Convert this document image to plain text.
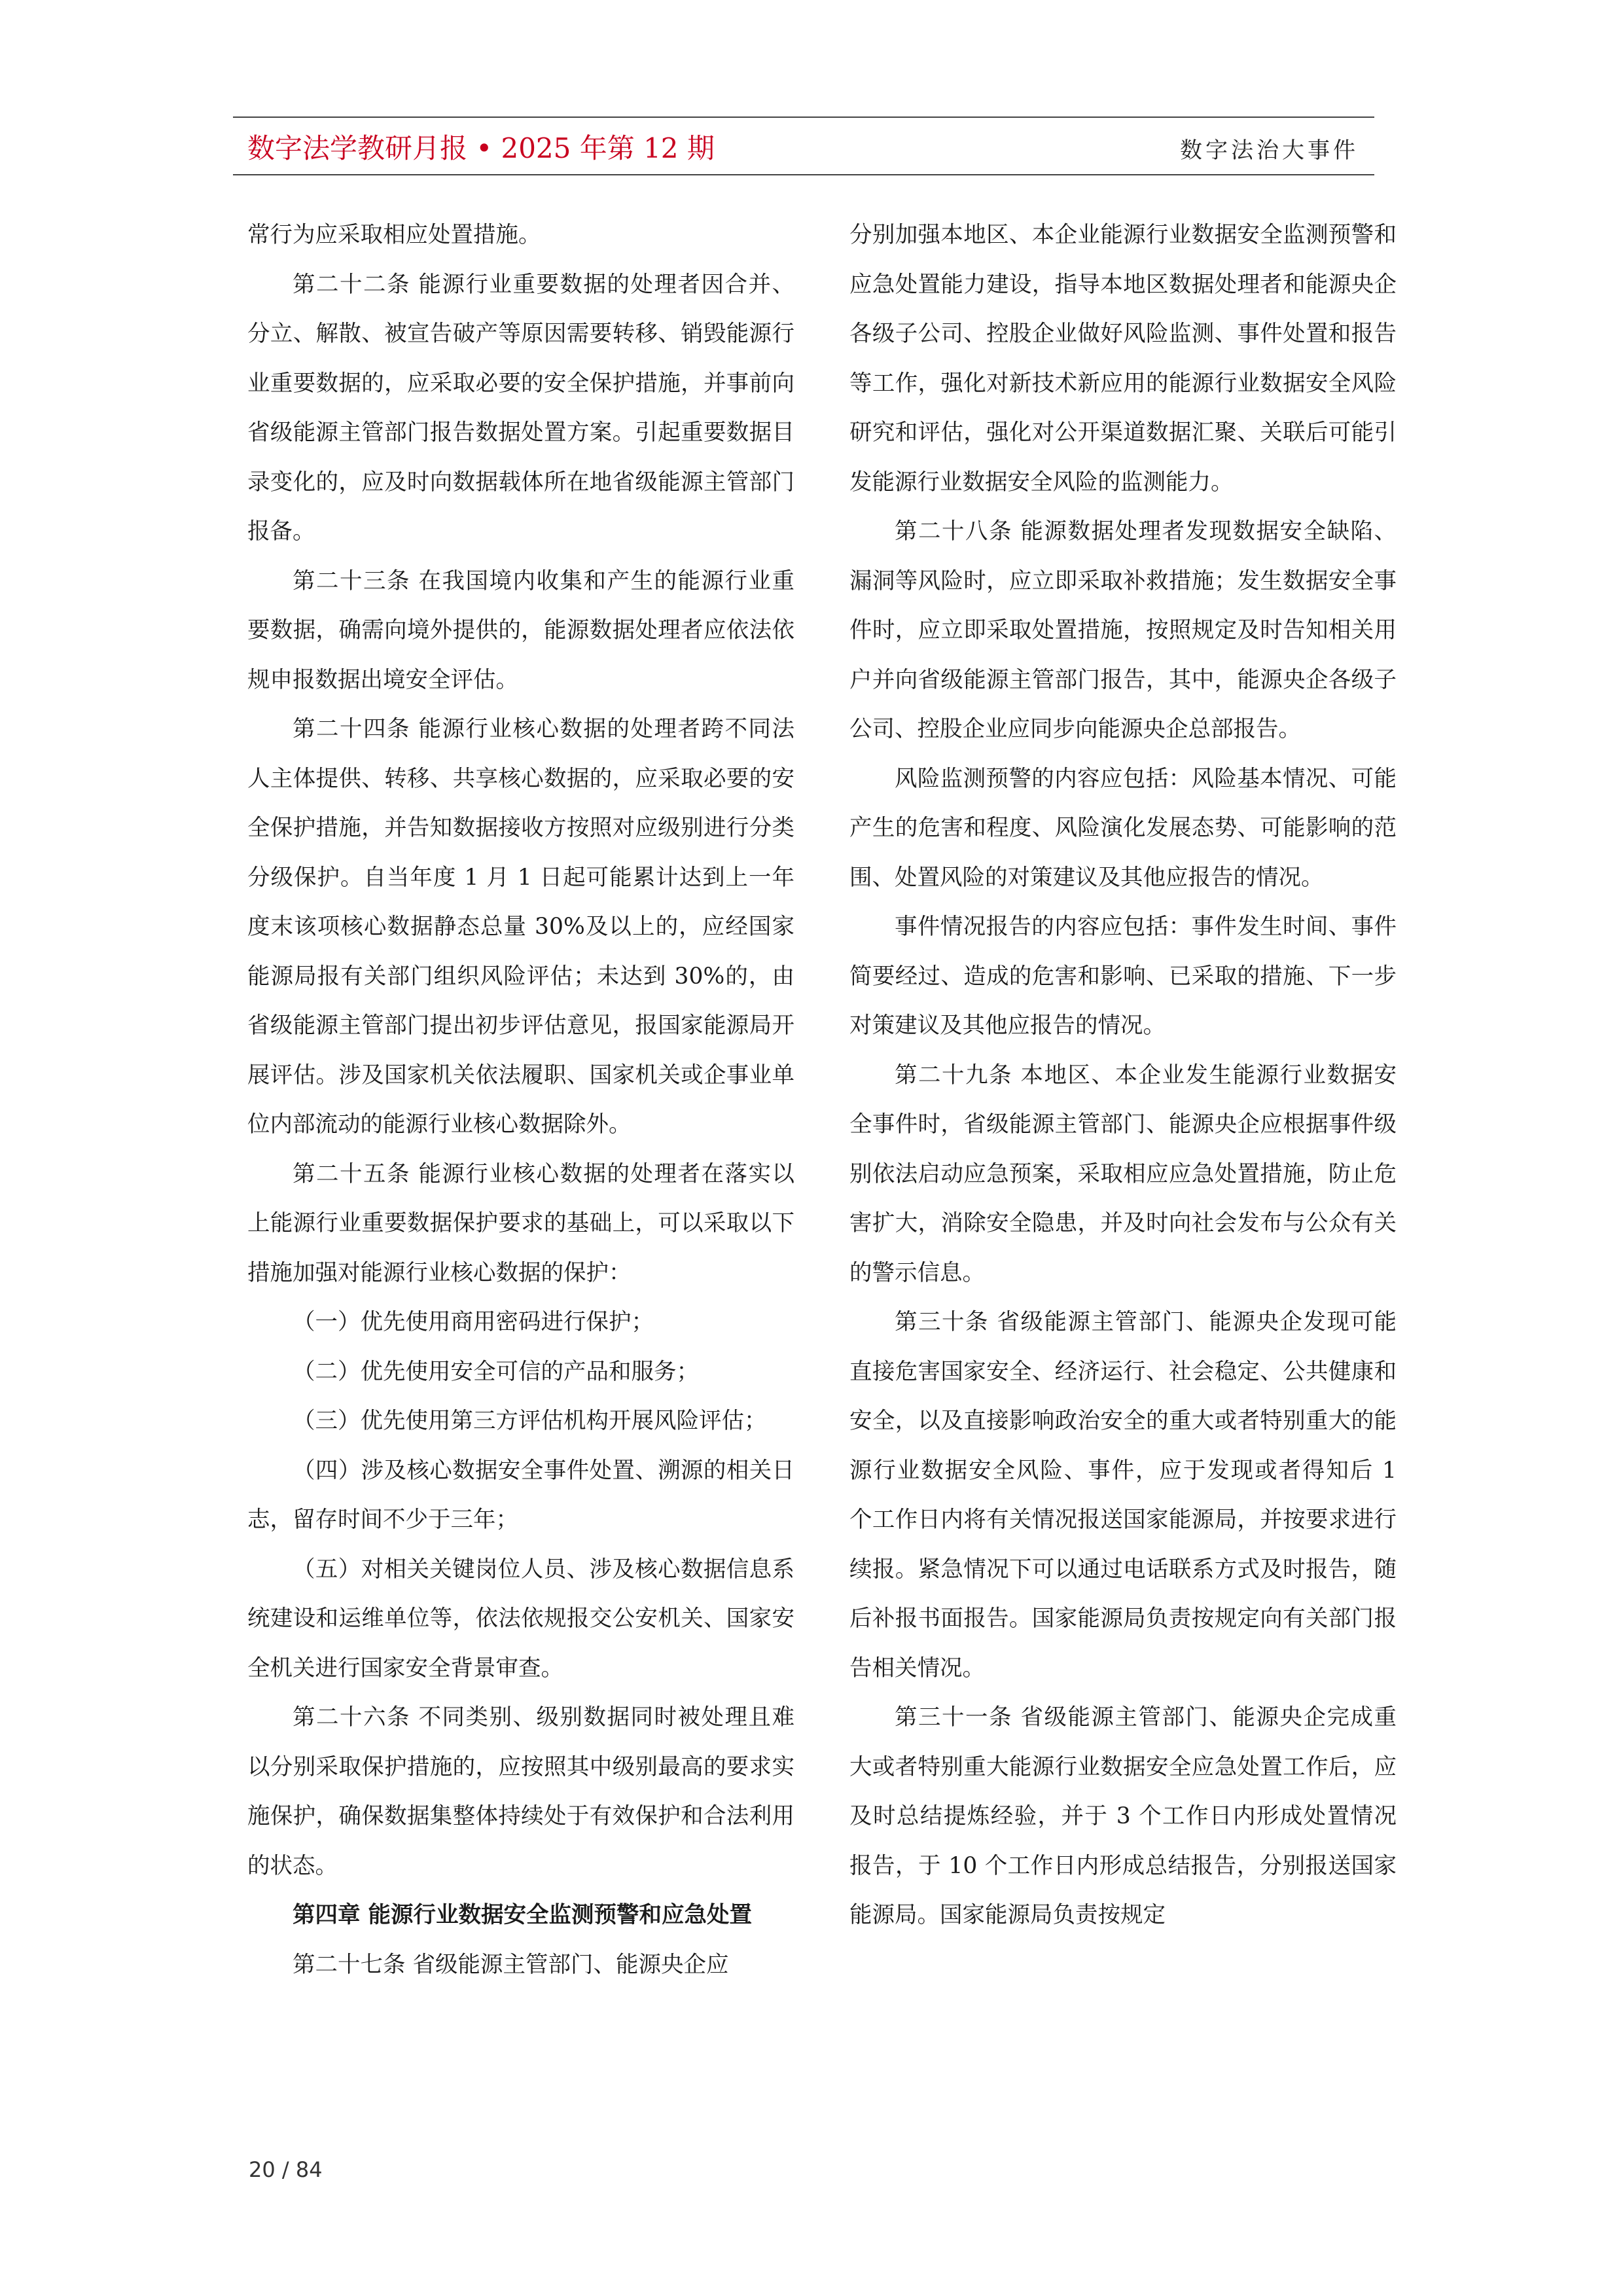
数字法学教研月报 • 2025 年第 12 期	数字法治大事件

常行为应采取相应处置措施。

第二十二条 能源行业重要数据的处理者因合并、分立、解散、被宣告破产等原因需要转移、销毁能源行业重要数据的，应采取必要的安全保护措施，并事前向省级能源主管部门报告数据处置方案。引起重要数据目录变化的，应及时向数据载体所在地省级能源主管部门报备。

第二十三条 在我国境内收集和产生的能源行业重要数据，确需向境外提供的，能源数据处理者应依法依规申报数据出境安全评估。

第二十四条 能源行业核心数据的处理者跨不同法人主体提供、转移、共享核心数据的，应采取必要的安全保护措施，并告知数据接收方按照对应级别进行分类分级保护。自当年度 1 月 1 日起可能累计达到上一年度末该项核心数据静态总量 30%及以上的，应经国家能源局报有关部门组织风险评估；未达到 30%的，由省级能源主管部门提出初步评估意见，报国家能源局开展评估。涉及国家机关依法履职、国家机关或企事业单位内部流动的能源行业核心数据除外。

第二十五条 能源行业核心数据的处理者在落实以上能源行业重要数据保护要求的基础上，可以采取以下措施加强对能源行业核心数据的保护：

（一）优先使用商用密码进行保护；

（二）优先使用安全可信的产品和服务；

（三）优先使用第三方评估机构开展风险评估；

（四）涉及核心数据安全事件处置、溯源的相关日志，留存时间不少于三年；

（五）对相关关键岗位人员、涉及核心数据信息系统建设和运维单位等，依法依规报交公安机关、国家安全机关进行国家安全背景审查。

第二十六条 不同类别、级别数据同时被处理且难以分别采取保护措施的，应按照其中级别最高的要求实施保护，确保数据集整体持续处于有效保护和合法利用的状态。

第四章 能源行业数据安全监测预警和应急处置

第二十七条 省级能源主管部门、能源央企应

分别加强本地区、本企业能源行业数据安全监测预警和应急处置能力建设，指导本地区数据处理者和能源央企各级子公司、控股企业做好风险监测、事件处置和报告等工作，强化对新技术新应用的能源行业数据安全风险研究和评估，强化对公开渠道数据汇聚、关联后可能引发能源行业数据安全风险的监测能力。

第二十八条 能源数据处理者发现数据安全缺陷、漏洞等风险时，应立即采取补救措施；发生数据安全事件时，应立即采取处置措施，按照规定及时告知相关用户并向省级能源主管部门报告，其中，能源央企各级子公司、控股企业应同步向能源央企总部报告。

风险监测预警的内容应包括：风险基本情况、可能产生的危害和程度、风险演化发展态势、可能影响的范围、处置风险的对策建议及其他应报告的情况。

事件情况报告的内容应包括：事件发生时间、事件简要经过、造成的危害和影响、已采取的措施、下一步对策建议及其他应报告的情况。

第二十九条 本地区、本企业发生能源行业数据安全事件时，省级能源主管部门、能源央企应根据事件级别依法启动应急预案，采取相应应急处置措施，防止危害扩大，消除安全隐患，并及时向社会发布与公众有关的警示信息。

第三十条 省级能源主管部门、能源央企发现可能直接危害国家安全、经济运行、社会稳定、公共健康和安全，以及直接影响政治安全的重大或者特别重大的能源行业数据安全风险、事件，应于发现或者得知后 1 个工作日内将有关情况报送国家能源局，并按要求进行续报。紧急情况下可以通过电话联系方式及时报告，随后补报书面报告。国家能源局负责按规定向有关部门报告相关情况。

第三十一条 省级能源主管部门、能源央企完成重大或者特别重大能源行业数据安全应急处置工作后，应及时总结提炼经验，并于 3 个工作日内形成处置情况报告，于 10 个工作日内形成总结报告，分别报送国家能源局。国家能源局负责按规定

20 / 84
